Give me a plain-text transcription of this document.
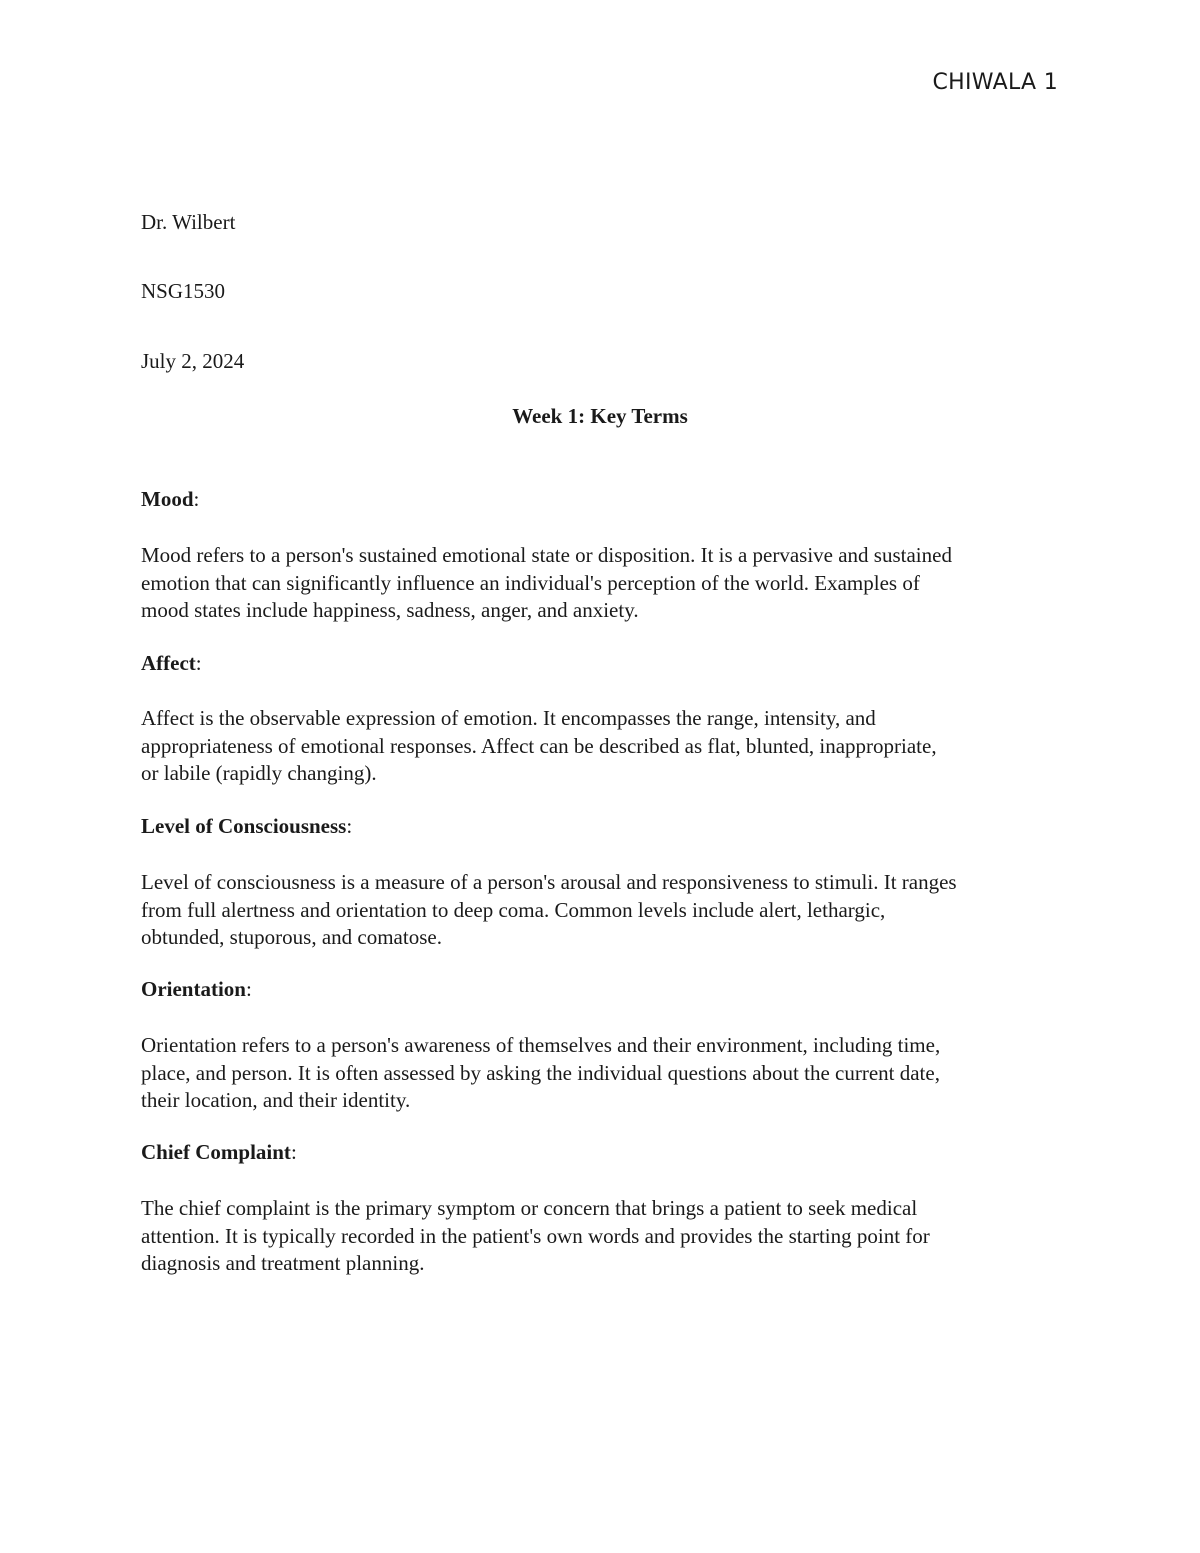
CHIWALA 1
Dr. Wilbert
NSG1530
July 2, 2024
Week 1: Key Terms
Mood:
Mood refers to a person's sustained emotional state or disposition. It is a pervasive and sustained
emotion that can significantly influence an individual's perception of the world. Examples of
mood states include happiness, sadness, anger, and anxiety.
Affect:
Affect is the observable expression of emotion. It encompasses the range, intensity, and
appropriateness of emotional responses. Affect can be described as flat, blunted, inappropriate,
or labile (rapidly changing).
Level of Consciousness:
Level of consciousness is a measure of a person's arousal and responsiveness to stimuli. It ranges
from full alertness and orientation to deep coma. Common levels include alert, lethargic,
obtunded, stuporous, and comatose.
Orientation:
Orientation refers to a person's awareness of themselves and their environment, including time,
place, and person. It is often assessed by asking the individual questions about the current date,
their location, and their identity.
Chief Complaint:
The chief complaint is the primary symptom or concern that brings a patient to seek medical
attention. It is typically recorded in the patient's own words and provides the starting point for
diagnosis and treatment planning.
